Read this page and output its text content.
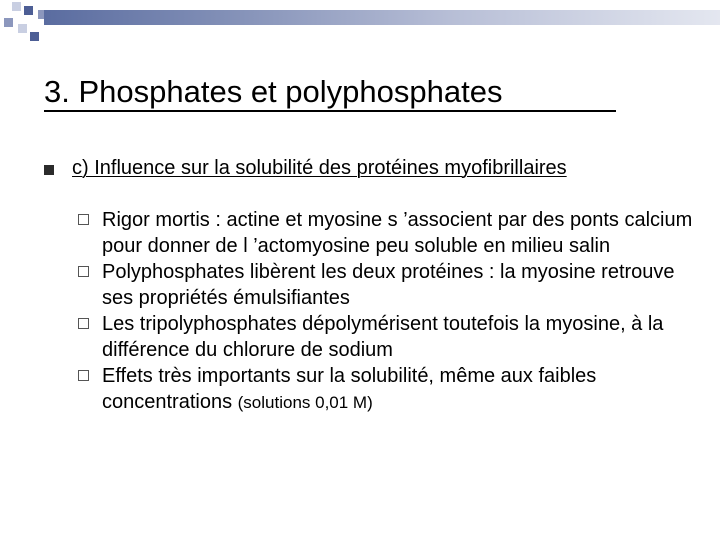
3. Phosphates et polyphosphates

c) Influence sur la solubilité des protéines myofibrillaires

Rigor mortis : actine et myosine s ’associent par des ponts calcium pour donner de l ’actomyosine peu soluble en milieu salin
Polyphosphates libèrent les deux protéines : la myosine retrouve ses propriétés émulsifiantes
Les tripolyphosphates dépolymérisent toutefois la myosine, à la différence du chlorure de sodium
Effets très importants sur la solubilité, même aux faibles concentrations (solutions 0,01 M)
